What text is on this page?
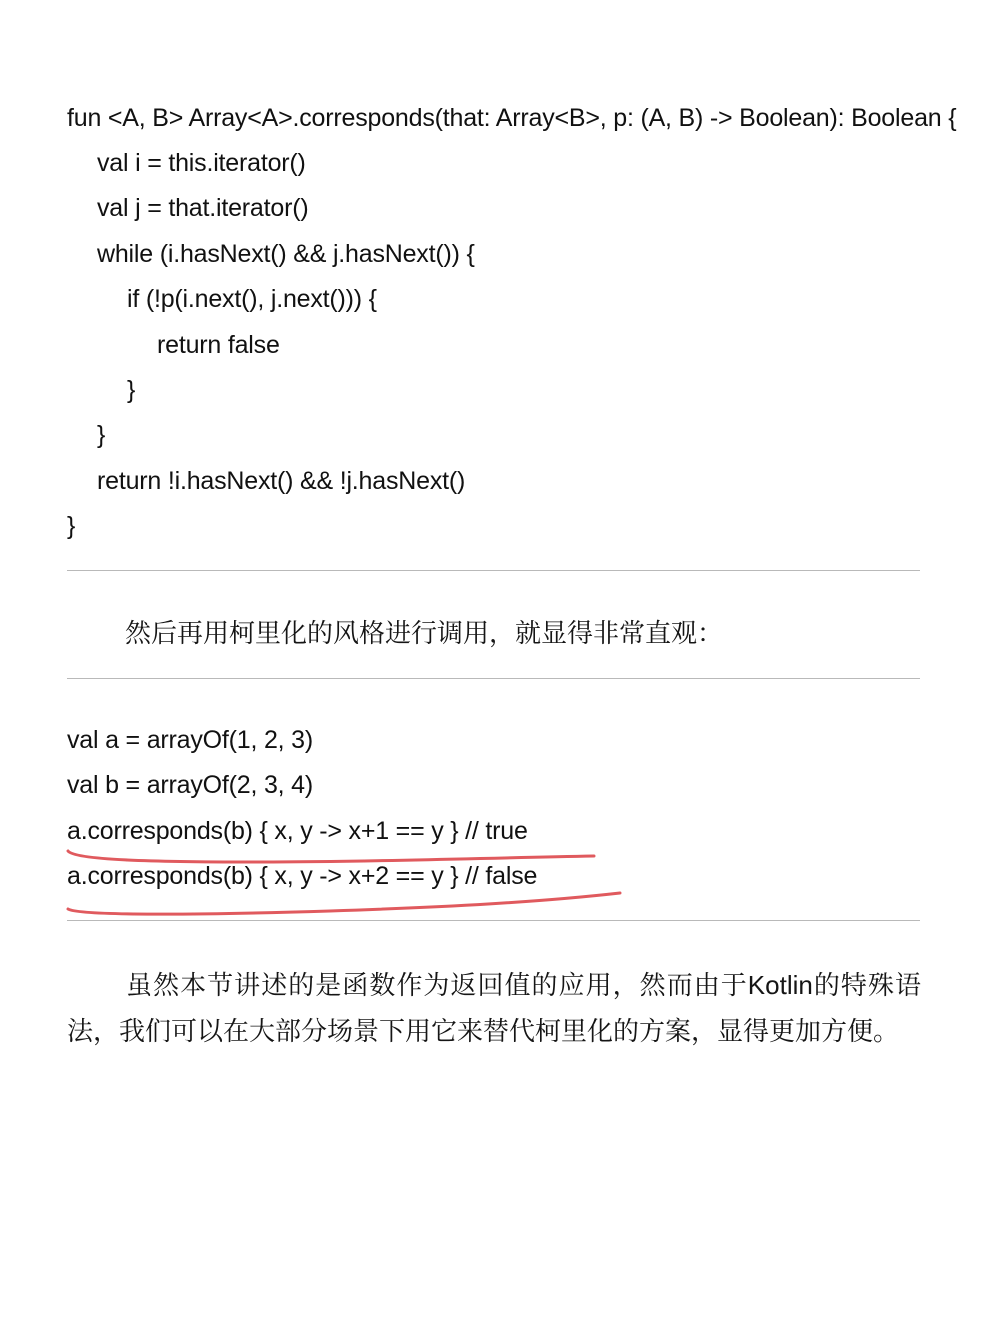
fun <A, B> Array<A>.corresponds(that: Array<B>, p: (A, B) -> Boolean): Boolean {
val i = this.iterator()
val j = that.iterator()
while (i.hasNext() && j.hasNext()) {
if (!p(i.next(), j.next())) {
return false
}
}
return !i.hasNext() && !j.hasNext()
}
然后再用柯里化的风格进行调用，就显得非常直观：
val a = arrayOf(1, 2, 3)
val b = arrayOf(2, 3, 4)
a.corresponds(b) { x, y -> x+1 == y } // true
a.corresponds(b) { x, y -> x+2 == y } // false
虽然本节讲述的是函数作为返回值的应用，然而由于Kotlin的特殊语法，我们可以在大部分场景下用它来替代柯里化的方案，显得更加方便。
